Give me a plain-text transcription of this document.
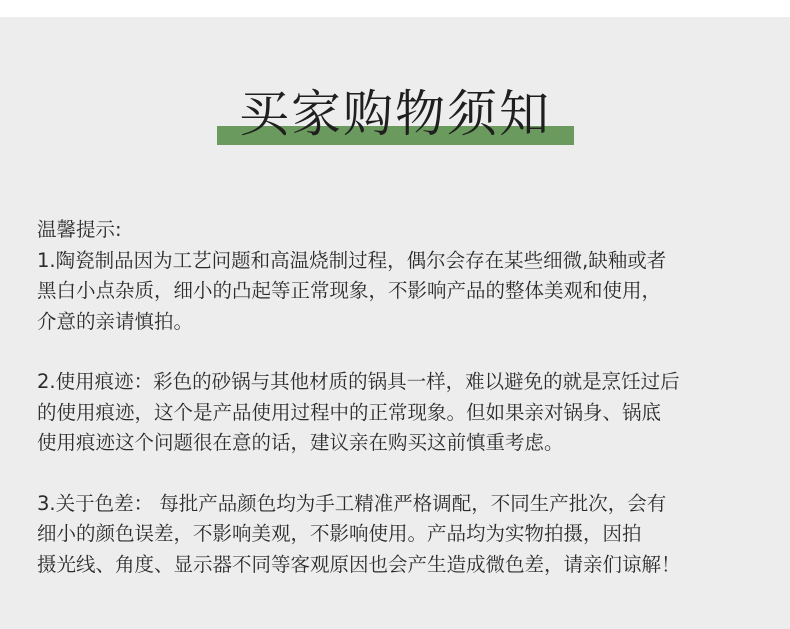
买家购物须知
温馨提示:
1.陶瓷制品因为工艺问题和高温烧制过程，偶尔会存在某些细微,缺釉或者
黑白小点杂质，细小的凸起等正常现象，不影响产品的整体美观和使用，
介意的亲请慎拍。
2.使用痕迹：彩色的砂锅与其他材质的锅具一样，难以避免的就是烹饪过后
的使用痕迹，这个是产品使用过程中的正常现象。但如果亲对锅身、锅底
使用痕迹这个问题很在意的话，建议亲在购买这前慎重考虑。
3.关于色差： 每批产品颜色均为手工精准严格调配，不同生产批次，会有
细小的颜色误差，不影响美观，不影响使用。产品均为实物拍摄，因拍
摄光线、角度、显示器不同等客观原因也会产生造成微色差，请亲们谅解！
